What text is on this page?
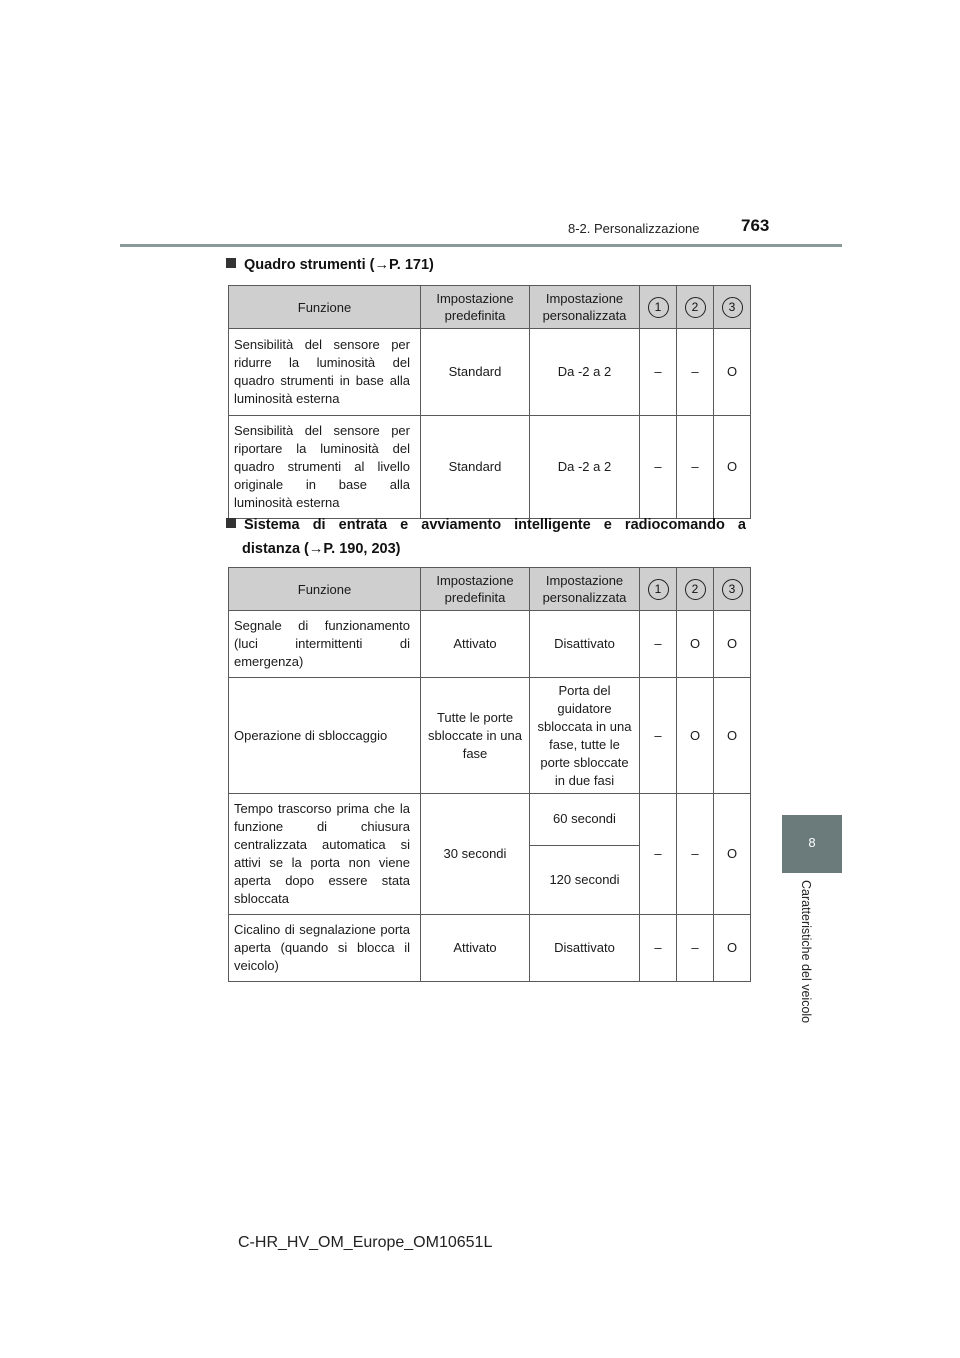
8-2. Personalizzazione 763
Quadro strumenti (→P. 171)
Funzione	Impostazione predefinita	Impostazione personalizzata	1	2	3
Sensibilità del sensore per ridurre la luminosità del quadro strumenti in base alla luminosità esterna	Standard	Da -2 a 2	–	–	O
Sensibilità del sensore per riportare la luminosità del quadro strumenti al livello originale in base alla luminosità esterna	Standard	Da -2 a 2	–	–	O
Sistema di entrata e avviamento intelligente e radiocomando a
distanza (→P. 190, 203)
Funzione	Impostazione predefinita	Impostazione personalizzata	1	2	3
Segnale di funzionamento (luci intermittenti di emergenza)	Attivato	Disattivato	–	O	O
Operazione di sbloccaggio	Tutte le porte sbloccate in una fase	Porta del guidatore sbloccata in una fase, tutte le porte sbloccate in due fasi	–	O	O
Tempo trascorso prima che la funzione di chiusura centralizzata automatica si attivi se la porta non viene aperta dopo essere stata sbloccata	30 secondi	60 secondi	–	–	O
		120 secondi			
Cicalino di segnalazione porta aperta (quando si blocca il veicolo)	Attivato	Disattivato	–	–	O
8
Caratteristiche del veicolo
C-HR_HV_OM_Europe_OM10651L
